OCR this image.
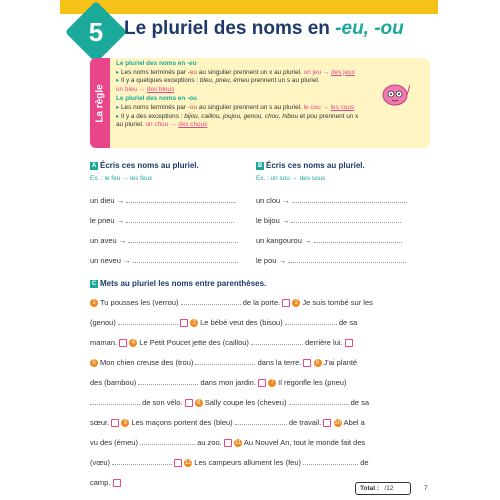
5	Le pluriel des noms en -eu, -ou
La règle
Le pluriel des noms en -eu
▸ Les noms terminés par -eu au singulier prennent un x au pluriel. un jeu → des jeux
▸ Il y a quelques exceptions : bleu, pneu, émeu prennent un s au pluriel.
un bleu → des bleus
Le pluriel des noms en -ou
▸ Les noms terminés par -ou au singulier prennent un s au pluriel. le cou → les cous
▸ Il y a des exceptions : bijou, caillou, joujou, genou, chou, hibou et pou prennent un x
au pluriel. un chou → des choux
A Écris ces noms au pluriel.
Ex. : le feu → les feux
un dieu →
le pneu →
un aveu →
un neveu →
B Écris ces noms au pluriel.
Ex. : un sou → des sous
un clou →
le bijou →
un kangourou →
le pou →
C Mets au pluriel les noms entre parenthèses.
1 Tu pousses les (verrou)	de la porte. 2 Je suis tombé sur les
(genou)	3 Le bébé veut des (bisou)	de sa
maman. 4 Le Petit Poucet jette des (caillou)	derrière lui.
5 Mon chien creuse des (trou)	dans la terre. 6 J'ai planté
des (bambou)	dans mon jardin. 7 Il regonfle les (pneu)
de son vélo. 8 Sally coupe les (cheveu)	de sa
sœur. 9 Les maçons portent des (bleu)	de travail. 10 Abel a
vu des (émeu)	au zoo. 11 Au Nouvel An, tout le monde fait des
(vœu)	12 Les campeurs allument les (feu)	de
camp.
Total :
/12	7
